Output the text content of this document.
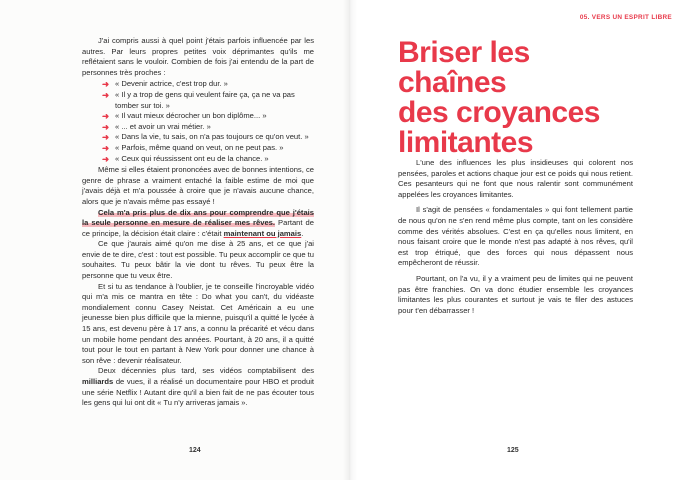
J'ai compris aussi à quel point j'étais parfois influencée par les autres. Par leurs propres petites voix déprimantes qu'ils me reflétaient sans le vouloir. Combien de fois j'ai entendu de la part de personnes très proches :

➜ « Devenir actrice, c'est trop dur. »
➜ « Il y a trop de gens qui veulent faire ça, ça ne va pas tomber sur toi. »
➜ « Il vaut mieux décrocher un bon diplôme... »
➜ « ... et avoir un vrai métier. »
➜ « Dans la vie, tu sais, on n'a pas toujours ce qu'on veut. »
➜ « Parfois, même quand on veut, on ne peut pas. »
➜ « Ceux qui réussissent ont eu de la chance. »

Même si elles étaient prononcées avec de bonnes intentions, ce genre de phrase a vraiment entaché la faible estime de moi que j'avais déjà et m'a poussée à croire que je n'avais aucune chance, alors que je n'avais même pas essayé !

Cela m'a pris plus de dix ans pour comprendre que j'étais la seule personne en mesure de réaliser mes rêves. Partant de ce principe, la décision était claire : c'était maintenant ou jamais.

Ce que j'aurais aimé qu'on me dise à 25 ans, et ce que j'ai envie de te dire, c'est : tout est possible. Tu peux accomplir ce que tu souhaites. Tu peux bâtir la vie dont tu rêves. Tu peux être la personne que tu veux être.

Et si tu as tendance à l'oublier, je te conseille l'incroyable vidéo qui m'a mis ce mantra en tête : Do what you can't, du vidéaste mondialement connu Casey Neistat. Cet Américain a eu une jeunesse bien plus difficile que la mienne, puisqu'il a quitté le lycée à 15 ans, est devenu père à 17 ans, a connu la précarité et vécu dans un mobile home pendant des années. Pourtant, à 20 ans, il a quitté tout pour le tout en partant à New York pour donner une chance à son rêve : devenir réalisateur.

Deux décennies plus tard, ses vidéos comptabilisent des milliards de vues, il a réalisé un documentaire pour HBO et produit une série Netflix ! Autant dire qu'il a bien fait de ne pas écouter tous les gens qui lui ont dit « Tu n'y arriveras jamais ».

124
05. VERS UN ESPRIT LIBRE
Briser les
chaînes
des croyances
limitantes

L'une des influences les plus insidieuses qui colorent nos pensées, paroles et actions chaque jour est ce poids qui nous retient. Ces pesanteurs qui ne font que nous ralentir sont communément appelées les croyances limitantes.

Il s'agit de pensées « fondamentales » qui font tellement partie de nous qu'on ne s'en rend même plus compte, tant on les considère comme des vérités absolues. C'est en ça qu'elles nous limitent, en nous faisant croire que le monde n'est pas adapté à nos rêves, qu'il est trop étriqué, que des forces qui nous dépassent nous empêcheront de réussir.

Pourtant, on l'a vu, il y a vraiment peu de limites qui ne peuvent pas être franchies. On va donc étudier ensemble les croyances limitantes les plus courantes et surtout je vais te filer des astuces pour t'en débarrasser !

125
